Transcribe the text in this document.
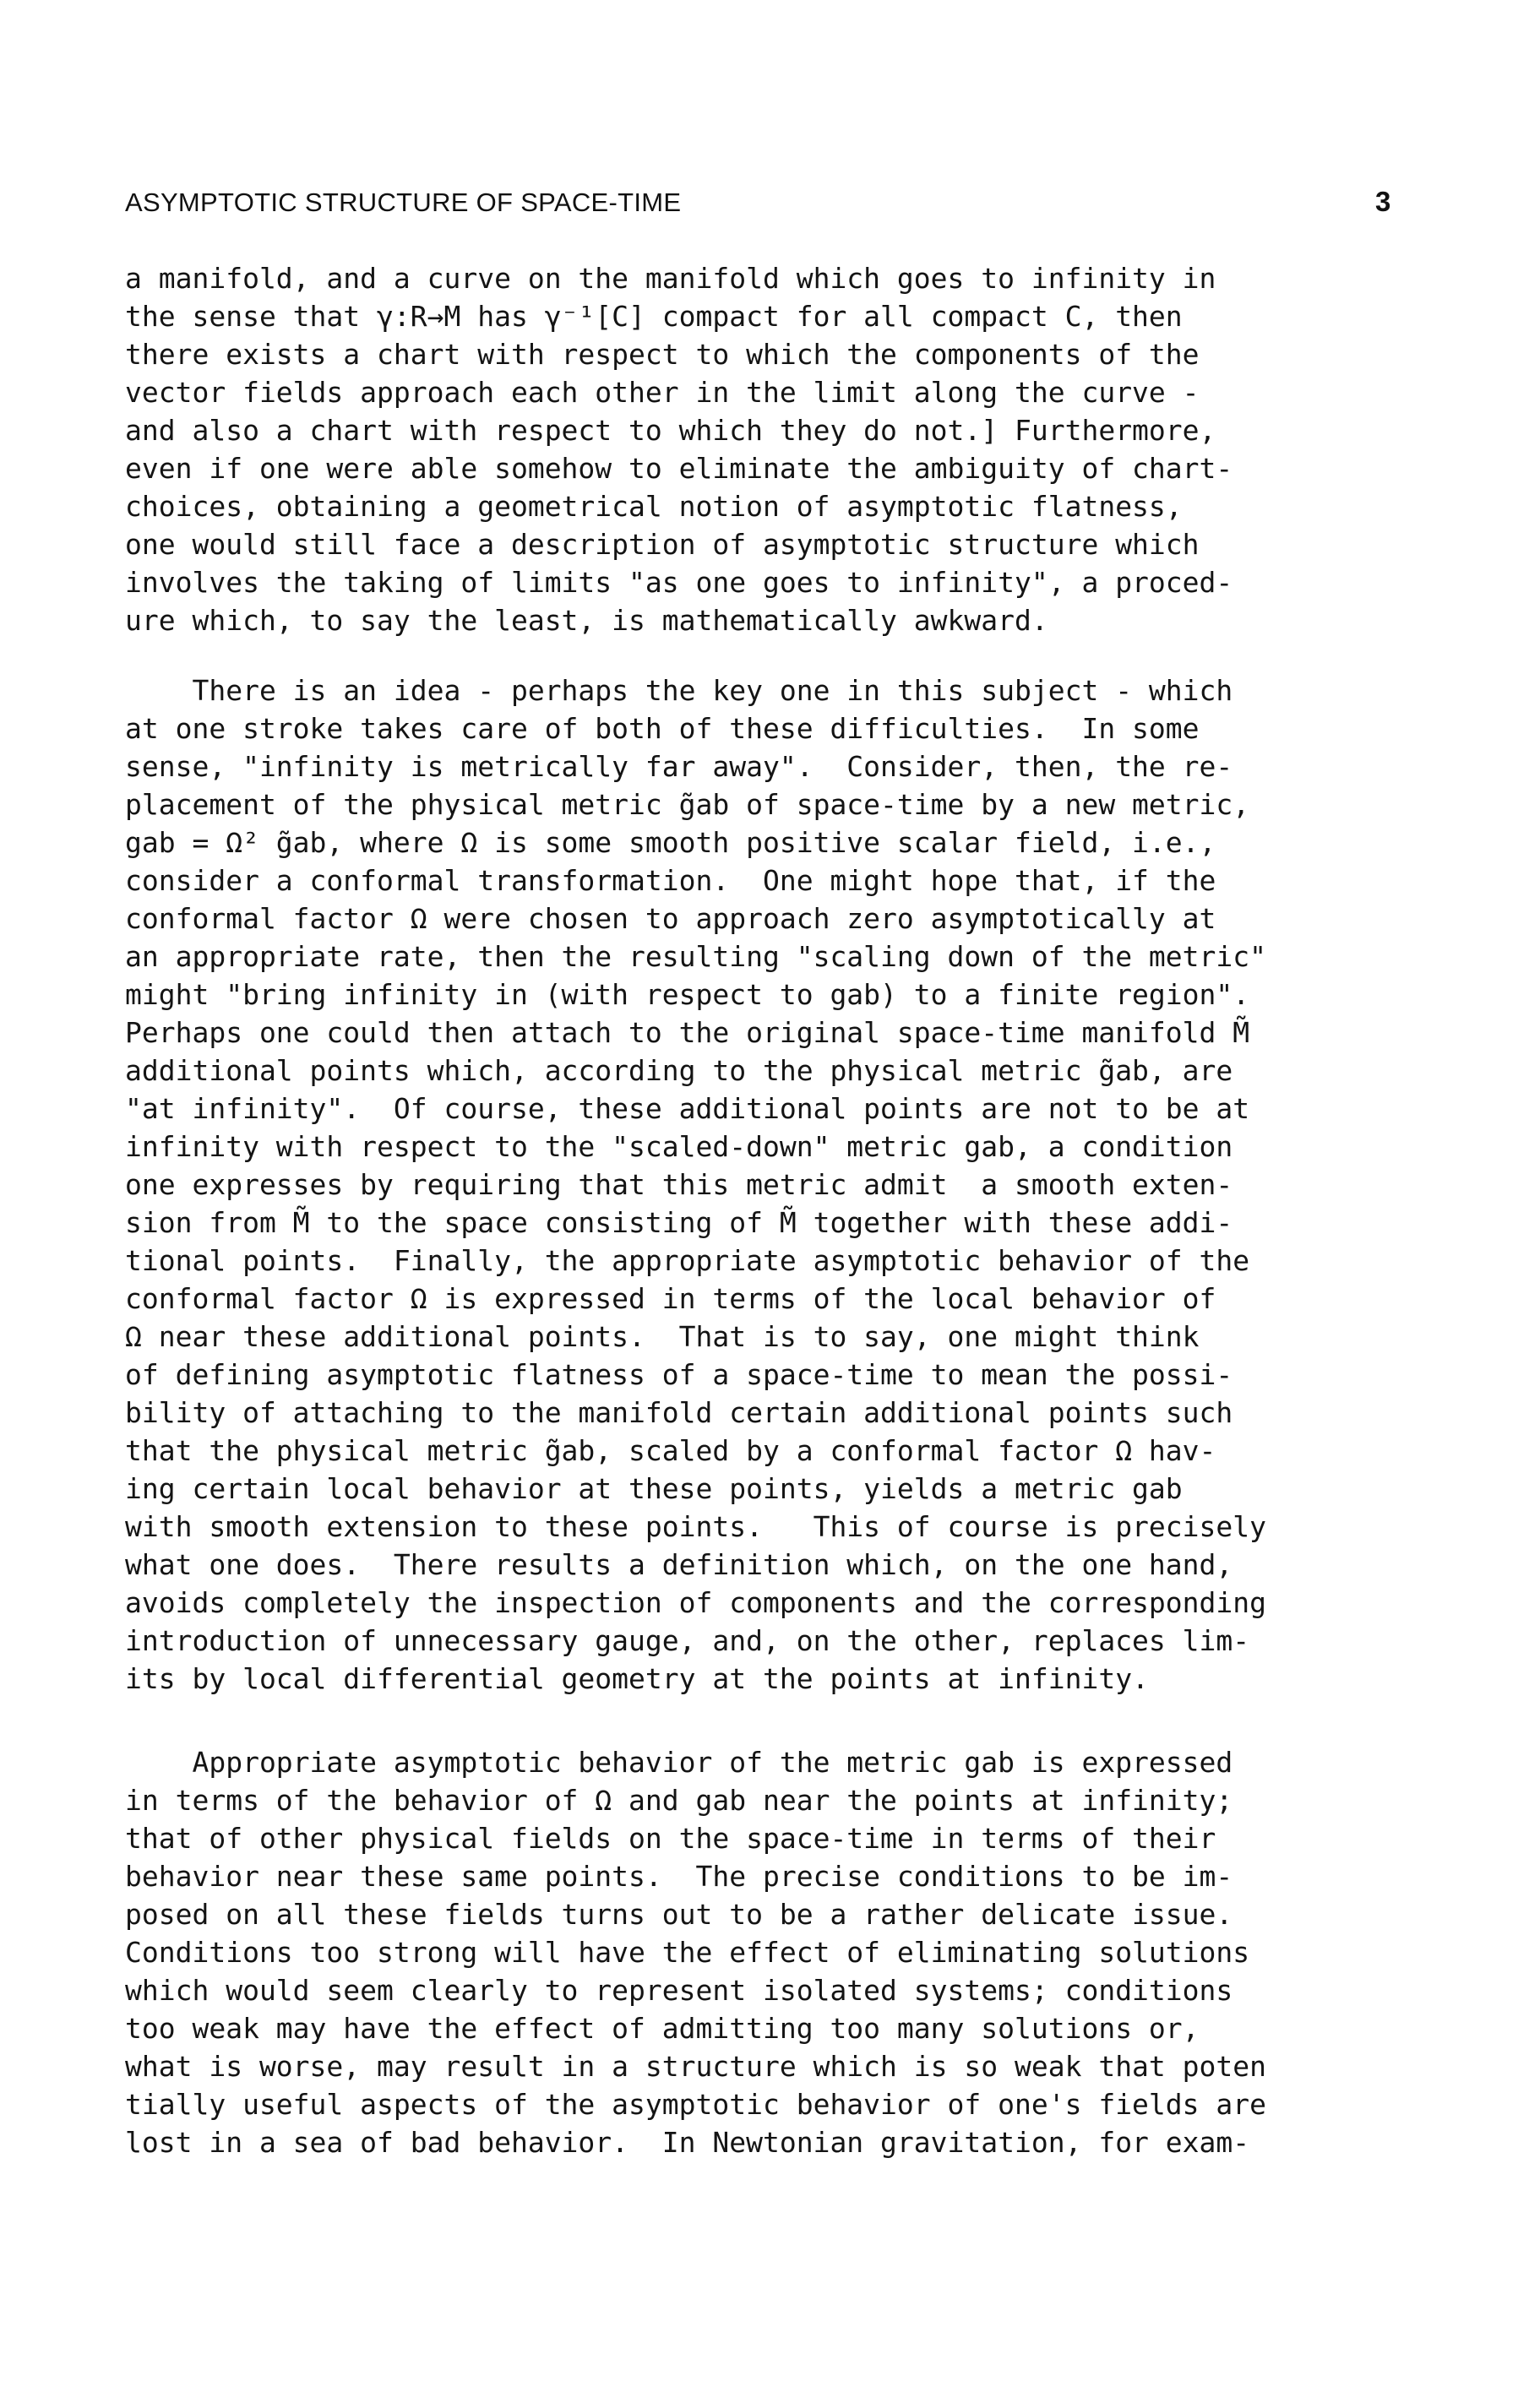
ASYMPTOTIC STRUCTURE OF SPACE-TIME	3
a manifold, and a curve on the manifold which goes to infinity in
the sense that γ:R→M has γ⁻¹[C] compact for all compact C, then
there exists a chart with respect to which the components of the
vector fields approach each other in the limit along the curve -
and also a chart with respect to which they do not.] Furthermore,
even if one were able somehow to eliminate the ambiguity of chart-
choices, obtaining a geometrical notion of asymptotic flatness,
one would still face a description of asymptotic structure which
involves the taking of limits "as one goes to infinity", a proced-
ure which, to say the least, is mathematically awkward.
There is an idea - perhaps the key one in this subject - which
at one stroke takes care of both of these difficulties.  In some
sense, "infinity is metrically far away".  Consider, then, the re-
placement of the physical metric g̃ab of space-time by a new metric,
gab = Ω² g̃ab, where Ω is some smooth positive scalar field, i.e.,
consider a conformal transformation.  One might hope that, if the
conformal factor Ω were chosen to approach zero asymptotically at
an appropriate rate, then the resulting "scaling down of the metric"
might "bring infinity in (with respect to gab) to a finite region".
Perhaps one could then attach to the original space-time manifold M̃
additional points which, according to the physical metric g̃ab, are
"at infinity".  Of course, these additional points are not to be at
infinity with respect to the "scaled-down" metric gab, a condition
one expresses by requiring that this metric admit  a smooth exten-
sion from M̃ to the space consisting of M̃ together with these addi-
tional points.  Finally, the appropriate asymptotic behavior of the
conformal factor Ω is expressed in terms of the local behavior of
Ω near these additional points.  That is to say, one might think
of defining asymptotic flatness of a space-time to mean the possi-
bility of attaching to the manifold certain additional points such
that the physical metric g̃ab, scaled by a conformal factor Ω hav-
ing certain local behavior at these points, yields a metric gab
with smooth extension to these points.   This of course is precisely
what one does.  There results a definition which, on the one hand,
avoids completely the inspection of components and the corresponding
introduction of unnecessary gauge, and, on the other, replaces lim-
its by local differential geometry at the points at infinity.
Appropriate asymptotic behavior of the metric gab is expressed
in terms of the behavior of Ω and gab near the points at infinity;
that of other physical fields on the space-time in terms of their
behavior near these same points.  The precise conditions to be im-
posed on all these fields turns out to be a rather delicate issue.
Conditions too strong will have the effect of eliminating solutions
which would seem clearly to represent isolated systems; conditions
too weak may have the effect of admitting too many solutions or,
what is worse, may result in a structure which is so weak that poten
tially useful aspects of the asymptotic behavior of one's fields are
lost in a sea of bad behavior.  In Newtonian gravitation, for exam-
